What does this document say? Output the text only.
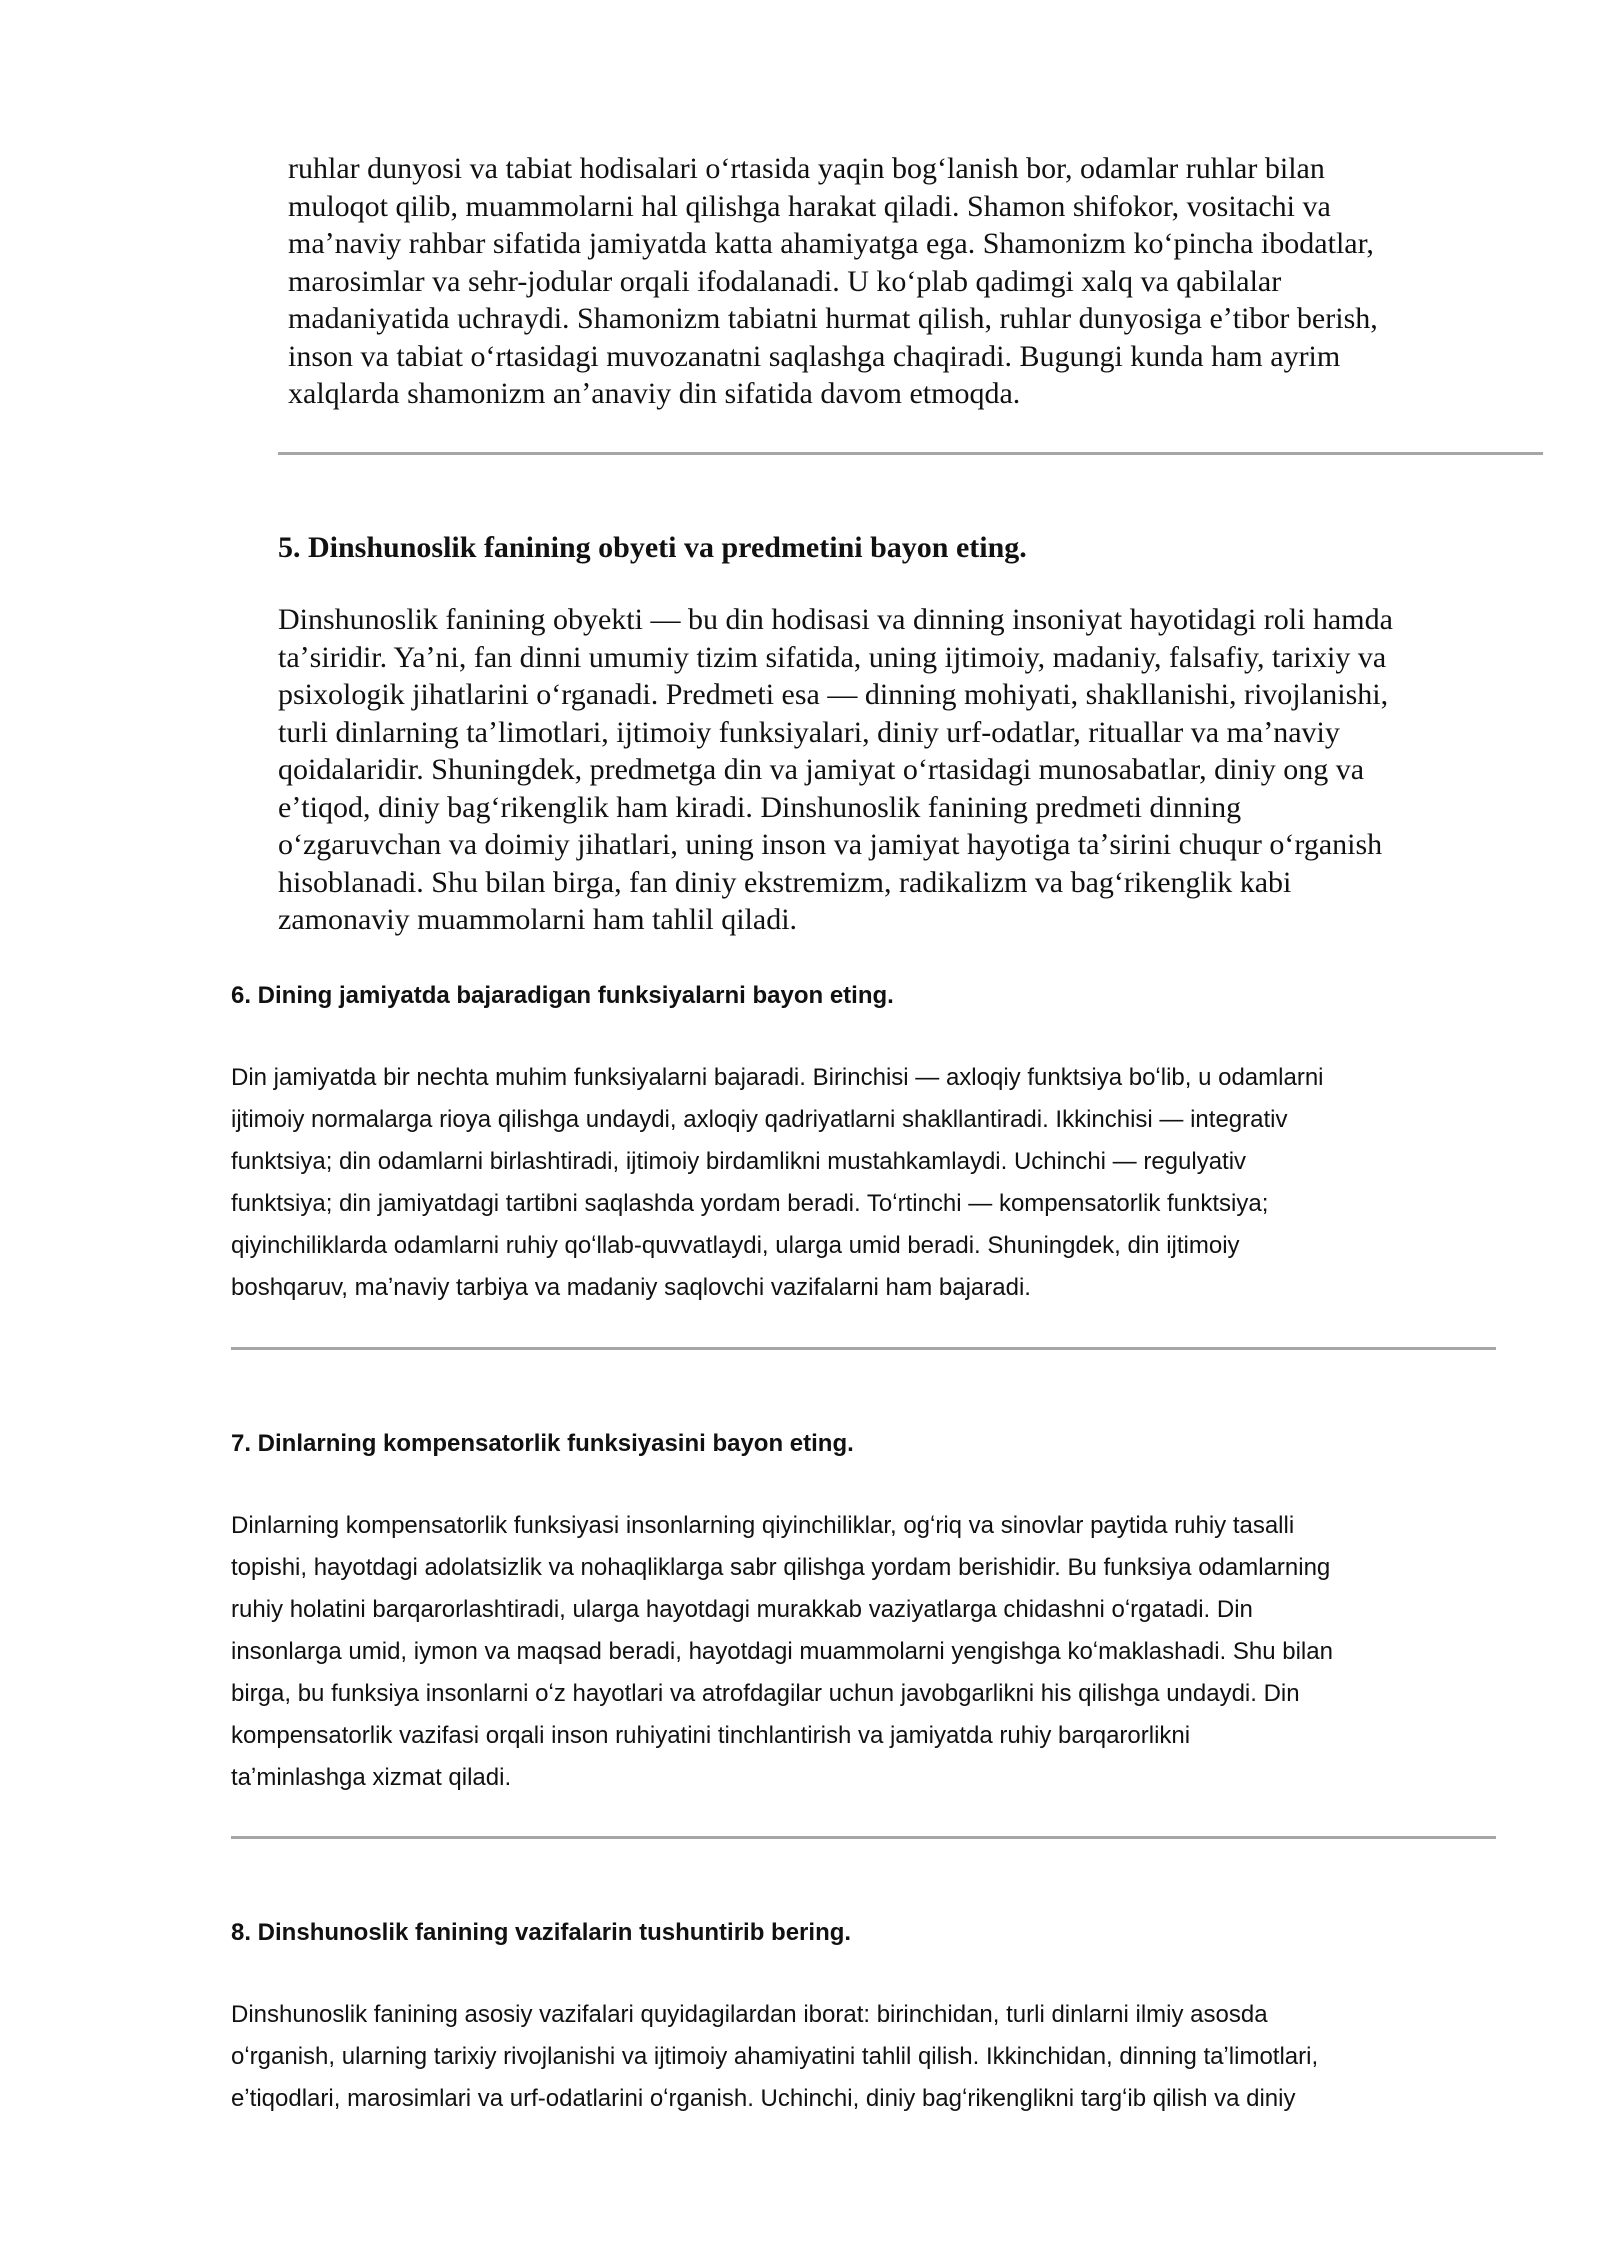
ruhlar dunyosi va tabiat hodisalari oʻrtasida yaqin bogʻlanish bor, odamlar ruhlar bilan
muloqot qilib, muammolarni hal qilishga harakat qiladi. Shamon shifokor, vositachi va
maʼnaviy rahbar sifatida jamiyatda katta ahamiyatga ega. Shamonizm koʻpincha ibodatlar,
marosimlar va sehr-jodular orqali ifodalanadi. U koʻplab qadimgi xalq va qabilalar
madaniyatida uchraydi. Shamonizm tabiatni hurmat qilish, ruhlar dunyosiga eʼtibor berish,
inson va tabiat oʻrtasidagi muvozanatni saqlashga chaqiradi. Bugungi kunda ham ayrim
xalqlarda shamonizm anʼanaviy din sifatida davom etmoqda.
5. Dinshunoslik fanining obyeti va predmetini bayon eting.
Dinshunoslik fanining obyekti — bu din hodisasi va dinning insoniyat hayotidagi roli hamda
taʼsiridir. Yaʼni, fan dinni umumiy tizim sifatida, uning ijtimoiy, madaniy, falsafiy, tarixiy va
psixologik jihatlarini oʻrganadi. Predmeti esa — dinning mohiyati, shakllanishi, rivojlanishi,
turli dinlarning taʼlimotlari, ijtimoiy funksiyalari, diniy urf-odatlar, rituallar va maʼnaviy
qoidalaridir. Shuningdek, predmetga din va jamiyat oʻrtasidagi munosabatlar, diniy ong va
eʼtiqod, diniy bagʻrikenglik ham kiradi. Dinshunoslik fanining predmeti dinning
oʻzgaruvchan va doimiy jihatlari, uning inson va jamiyat hayotiga taʼsirini chuqur oʻrganish
hisoblanadi. Shu bilan birga, fan diniy ekstremizm, radikalizm va bagʻrikenglik kabi
zamonaviy muammolarni ham tahlil qiladi.
6. Dining jamiyatda bajaradigan funksiyalarni bayon eting.
Din jamiyatda bir nechta muhim funksiyalarni bajaradi. Birinchisi — axloqiy funktsiya boʻlib, u odamlarni
ijtimoiy normalarga rioya qilishga undaydi, axloqiy qadriyatlarni shakllantiradi. Ikkinchisi — integrativ
funktsiya; din odamlarni birlashtiradi, ijtimoiy birdamlikni mustahkamlaydi. Uchinchi — regulyativ
funktsiya; din jamiyatdagi tartibni saqlashda yordam beradi. Toʻrtinchi — kompensatorlik funktsiya;
qiyinchiliklarda odamlarni ruhiy qoʻllab-quvvatlaydi, ularga umid beradi. Shuningdek, din ijtimoiy
boshqaruv, maʼnaviy tarbiya va madaniy saqlovchi vazifalarni ham bajaradi.
7. Dinlarning kompensatorlik funksiyasini bayon eting.
Dinlarning kompensatorlik funksiyasi insonlarning qiyinchiliklar, ogʻriq va sinovlar paytida ruhiy tasalli
topishi, hayotdagi adolatsizlik va nohaqliklarga sabr qilishga yordam berishidir. Bu funksiya odamlarning
ruhiy holatini barqarorlashtiradi, ularga hayotdagi murakkab vaziyatlarga chidashni oʻrgatadi. Din
insonlarga umid, iymon va maqsad beradi, hayotdagi muammolarni yengishga koʻmaklashadi. Shu bilan
birga, bu funksiya insonlarni oʻz hayotlari va atrofdagilar uchun javobgarlikni his qilishga undaydi. Din
kompensatorlik vazifasi orqali inson ruhiyatini tinchlantirish va jamiyatda ruhiy barqarorlikni
taʼminlashga xizmat qiladi.
8. Dinshunoslik fanining vazifalarin tushuntirib bering.
Dinshunoslik fanining asosiy vazifalari quyidagilardan iborat: birinchidan, turli dinlarni ilmiy asosda
oʻrganish, ularning tarixiy rivojlanishi va ijtimoiy ahamiyatini tahlil qilish. Ikkinchidan, dinning taʼlimotlari,
eʼtiqodlari, marosimlari va urf-odatlarini oʻrganish. Uchinchi, diniy bagʻrikenglikni targʻib qilish va diniy
